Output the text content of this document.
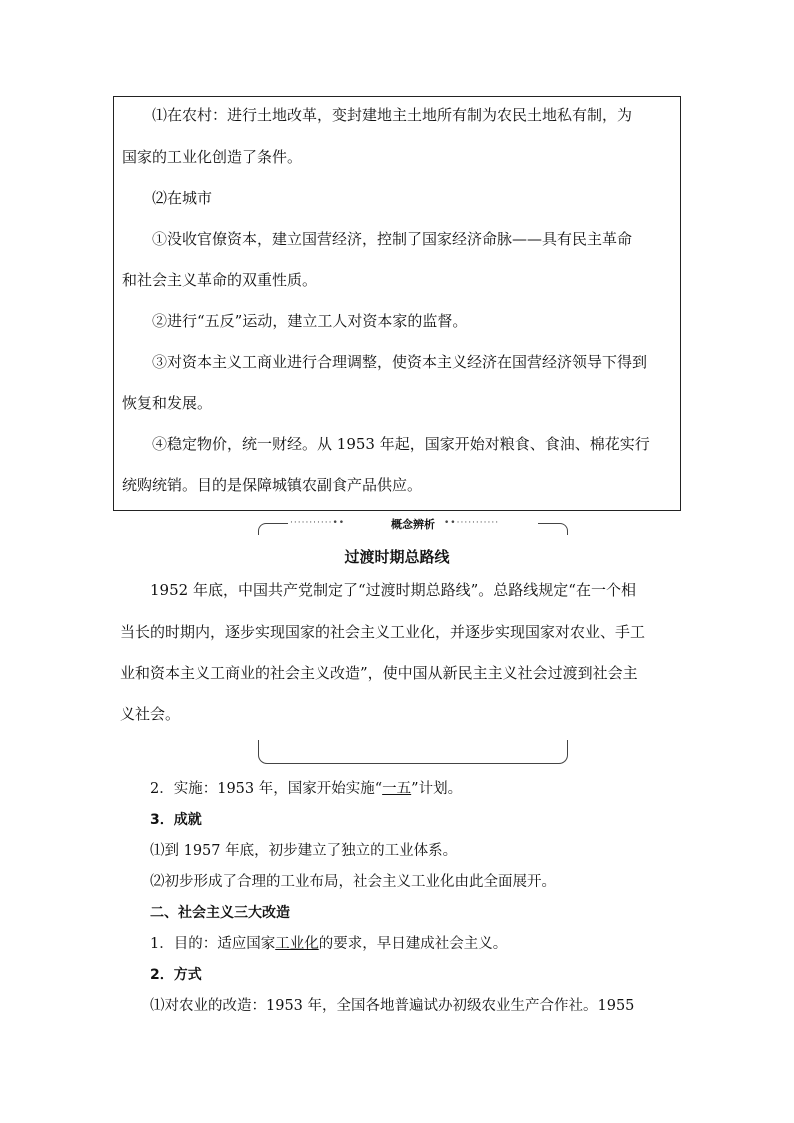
⑴在农村：进行土地改革，变封建地主土地所有制为农民土地私有制，为

国家的工业化创造了条件。

⑵在城市

①没收官僚资本，建立国营经济，控制了国家经济命脉——具有民主革命

和社会主义革命的双重性质。

②进行“五反”运动，建立工人对资本家的监督。

③对资本主义工商业进行合理调整，使资本主义经济在国营经济领导下得到

恢复和发展。

④稳定物价，统一财经。从 1953 年起，国家开始对粮食、食油、棉花实行

统购统销。目的是保障城镇农副食产品供应。

···········••	概念辨析	••···········
过渡时期总路线

1952 年底，中国共产党制定了“过渡时期总路线”。总路线规定“在一个相

当长的时期内，逐步实现国家的社会主义工业化，并逐步实现国家对农业、手工

业和资本主义工商业的社会主义改造”，使中国从新民主主义社会过渡到社会主

义社会。

2．实施：1953 年，国家开始实施“一五”计划。

3．成就

⑴到 1957 年底，初步建立了独立的工业体系。

⑵初步形成了合理的工业布局，社会主义工业化由此全面展开。

二、社会主义三大改造

1．目的：适应国家工业化的要求，早日建成社会主义。

2．方式

⑴对农业的改造：1953 年，全国各地普遍试办初级农业生产合作社。1955
